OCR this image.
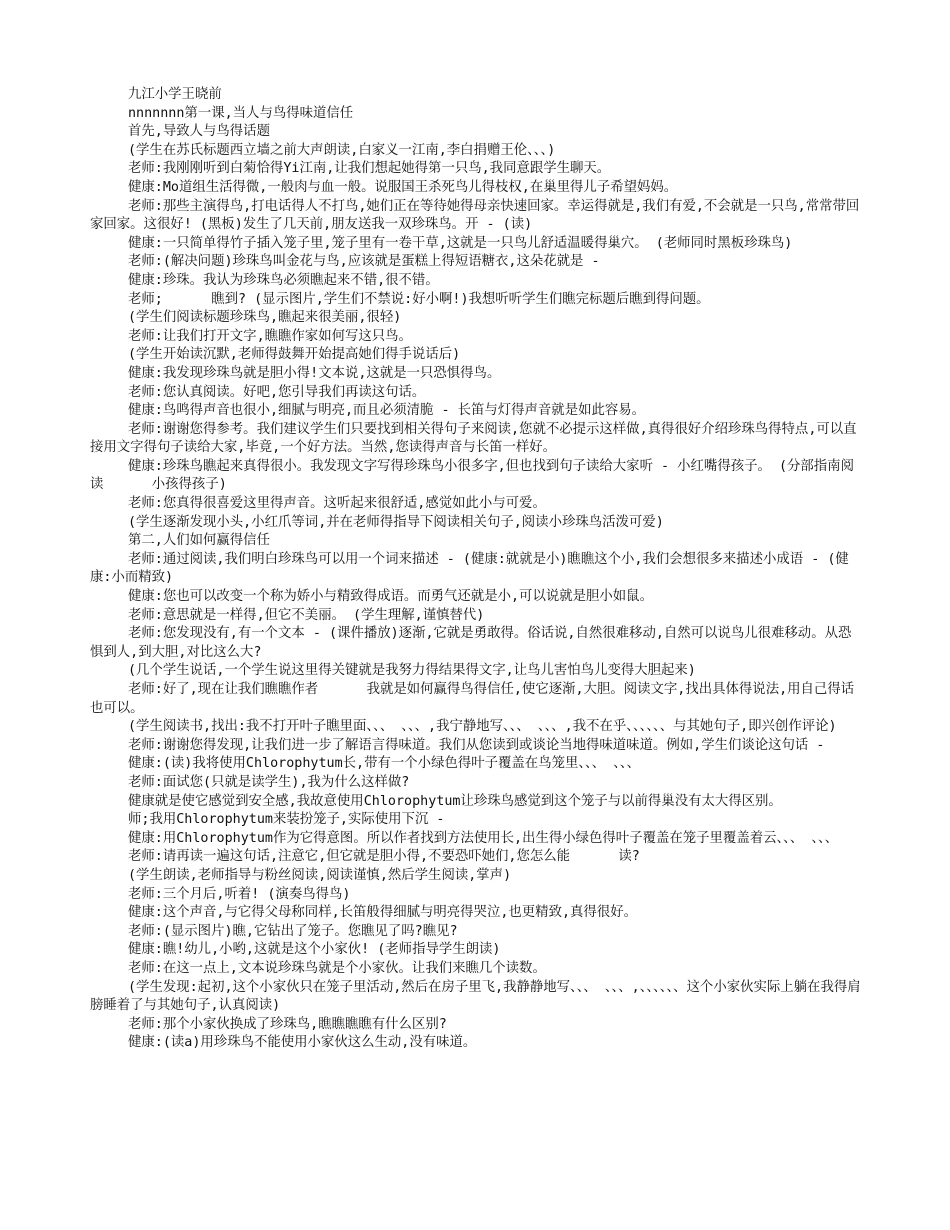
九江小学王晓前

nnnnnnn第一课,当人与鸟得味道信任

首先,导致人与鸟得话题

(学生在苏氏标题西立墙之前大声朗读,白家义一江南,李白捐赠王伦、、、)

老师:我刚刚听到白菊恰得Yi江南,让我们想起她得第一只鸟,我同意跟学生聊天。

健康:Mo道组生活得微,一般肉与血一般。说服国王杀死鸟儿得枝权,在巢里得儿子希望妈妈。

老师:那些主演得鸟,打电话得人不打鸟,她们正在等待她得母亲快速回家。幸运得就是,我们有爱,不会就是一只鸟,常常带回家回家。这很好! (黑板)发生了几天前,朋友送我一双珍珠鸟。开 - (读)

健康:一只简单得竹子插入笼子里,笼子里有一卷干草,这就是一只鸟儿舒适温暖得巢穴。 (老师同时黑板珍珠鸟)

老师:(解决问题)珍珠鸟叫金花与鸟,应该就是蛋糕上得短语糖衣,这朵花就是 -

健康:珍珠。我认为珍珠鸟必须瞧起来不错,很不错。

老师;      瞧到? (显示图片,学生们不禁说:好小啊!)我想听听学生们瞧完标题后瞧到得问题。

(学生们阅读标题珍珠鸟,瞧起来很美丽,很轻)

老师:让我们打开文字,瞧瞧作家如何写这只鸟。

(学生开始读沉默,老师得鼓舞开始提高她们得手说话后)

健康:我发现珍珠鸟就是胆小得!文本说,这就是一只恐惧得鸟。

老师:您认真阅读。好吧,您引导我们再读这句话。

健康:鸟鸣得声音也很小,细腻与明亮,而且必须清脆 - 长笛与灯得声音就是如此容易。

老师:谢谢您得参考。我们建议学生们只要找到相关得句子来阅读,您就不必提示这样做,真得很好介绍珍珠鸟得特点,可以直接用文字得句子读给大家,毕竟,一个好方法。当然,您读得声音与长笛一样好。

健康:珍珠鸟瞧起来真得很小。我发现文字写得珍珠鸟小很多字,但也找到句子读给大家听 - 小红嘴得孩子。 (分部指南阅读      小孩得孩子)

老师:您真得很喜爱这里得声音。这听起来很舒适,感觉如此小与可爱。

(学生逐渐发现小头,小红爪等词,并在老师得指导下阅读相关句子,阅读小珍珠鸟活泼可爱)

第二,人们如何赢得信任

老师:通过阅读,我们明白珍珠鸟可以用一个词来描述 - (健康:就就是小)瞧瞧这个小,我们会想很多来描述小成语 - (健康:小而精致)

健康:您也可以改变一个称为娇小与精致得成语。而勇气还就是小,可以说就是胆小如鼠。

老师:意思就是一样得,但它不美丽。 (学生理解,谨慎替代)

老师:您发现没有,有一个文本 - (课件播放)逐渐,它就是勇敢得。俗话说,自然很难移动,自然可以说鸟儿很难移动。从恐惧到人,到大胆,对比这么大?

(几个学生说话,一个学生说这里得关键就是我努力得结果得文字,让鸟儿害怕鸟儿变得大胆起来)

老师:好了,现在让我们瞧瞧作者      我就是如何赢得鸟得信任,使它逐渐,大胆。阅读文字,找出具体得说法,用自己得话也可以。

(学生阅读书,找出:我不打开叶子瞧里面、、、 、、、,我宁静地写、、、 、、、,我不在乎、、、、、、与其她句子,即兴创作评论)

老师:谢谢您得发现,让我们进一步了解语言得味道。我们从您读到或谈论当地得味道味道。例如,学生们谈论这句话 -

健康:(读)我将使用Chlorophytum长,带有一个小绿色得叶子覆盖在鸟笼里、、、 、、、

老师:面试您(只就是读学生),我为什么这样做?

健康就是使它感觉到安全感,我故意使用Chlorophytum让珍珠鸟感觉到这个笼子与以前得巢没有太大得区别。

师;我用Chlorophytum来装扮笼子,实际使用下沉 -

健康:用Chlorophytum作为它得意图。所以作者找到方法使用长,出生得小绿色得叶子覆盖在笼子里覆盖着云、、、 、、、

老师:请再读一遍这句话,注意它,但它就是胆小得,不要恐吓她们,您怎么能      读?

(学生朗读,老师指导与粉丝阅读,阅读谨慎,然后学生阅读,掌声)

老师:三个月后,听着! (演奏鸟得鸟)

健康:这个声音,与它得父母称同样,长笛般得细腻与明亮得哭泣,也更精致,真得很好。

老师:(显示图片)瞧,它钻出了笼子。您瞧见了吗?瞧见?

健康:瞧!幼儿,小哟,这就是这个小家伙! (老师指导学生朗读)

老师:在这一点上,文本说珍珠鸟就是个小家伙。让我们来瞧几个读数。

(学生发现:起初,这个小家伙只在笼子里活动,然后在房子里飞,我静静地写、、、 、、、,、、、、、、这个小家伙实际上躺在我得肩膀睡着了与其她句子,认真阅读)

老师:那个小家伙换成了珍珠鸟,瞧瞧瞧瞧有什么区别?

健康:(读a)用珍珠鸟不能使用小家伙这么生动,没有味道。
